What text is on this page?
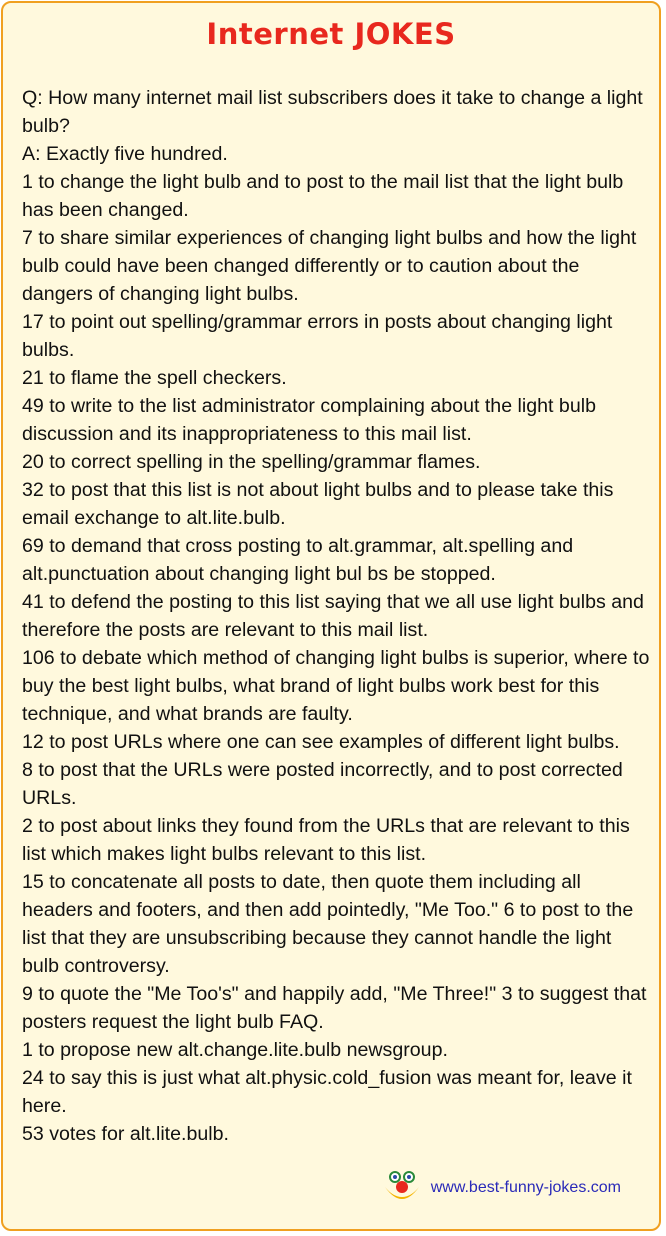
Internet JOKES
Q: How many internet mail list subscribers does it take to change a light bulb?
A: Exactly five hundred.
1 to change the light bulb and to post to the mail list that the light bulb has been changed.
7 to share similar experiences of changing light bulbs and how the light bulb could have been changed differently or to caution about the dangers of changing light bulbs.
17 to point out spelling/grammar errors in posts about changing light bulbs.
21 to flame the spell checkers.
49 to write to the list administrator complaining about the light bulb discussion and its inappropriateness to this mail list.
20 to correct spelling in the spelling/grammar flames.
32 to post that this list is not about light bulbs and to please take this email exchange to alt.lite.bulb.
69 to demand that cross posting to alt.grammar, alt.spelling and alt.punctuation about changing light bul bs be stopped.
41 to defend the posting to this list saying that we all use light bulbs and therefore the posts are relevant to this mail list.
106 to debate which method of changing light bulbs is superior, where to buy the best light bulbs, what brand of light bulbs work best for this technique, and what brands are faulty.
12 to post URLs where one can see examples of different light bulbs.
8 to post that the URLs were posted incorrectly, and to post corrected URLs.
2 to post about links they found from the URLs that are relevant to this list which makes light bulbs relevant to this list.
15 to concatenate all posts to date, then quote them including all headers and footers, and then add pointedly, "Me Too." 6 to post to the list that they are unsubscribing because they cannot handle the light bulb controversy.
9 to quote the "Me Too's" and happily add, "Me Three!" 3 to suggest that posters request the light bulb FAQ.
1 to propose new alt.change.lite.bulb newsgroup.
24 to say this is just what alt.physic.cold_fusion was meant for, leave it here.
53 votes for alt.lite.bulb.
www.best-funny-jokes.com
